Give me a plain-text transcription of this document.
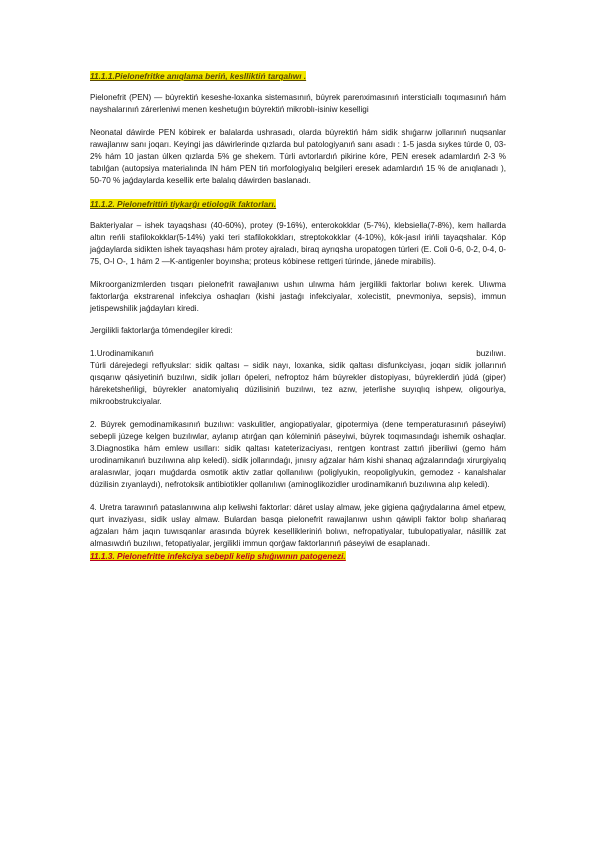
11.1.1.Pielonefritke anıqlama beriń, keslliktiń tarqalıwı .

Pielonefrit (PEN) — búyrektiń keseshe-loxanka sistemasınıń, búyrek parenximasınıń intersticiallı toqımasınıń hám nayshalarınıń zárerleniwi menen keshetuǵın búyrektiń mikroblı-isiniw keselligi

Neonatal dáwirde PEN kóbirek er balalarda ushrasadı, olarda búyrektiń hám sidik shıǵarıw jollarınıń nuqsanlar rawajlanıw sanı joqarı. Keyingi jas dáwirlerinde qızlarda bul patologiyanıń sanı asadı : 1-5 jasda sıykes túrde 0, 03-2% hám 10 jastan úlken qızlarda 5% ge shekem. Túrli avtorlardıń pikirine kóre, PEN eresek adamlardıń 2-3 % tabılǵan (autopsiya materialında IN hám PEN tiń morfologiyalıq belgileri eresek adamlardıń 15 % de anıqlanadı ), 50-70 % jaǵdaylarda kesellik erte balalıq dáwirden baslanadı.

11.1.2. Pielonefrittiń tiykarǵı etiologik faktorları.

Bakteriyalar – ishek tayaqshası (40-60%), protey (9-16%), enterokokklar (5-7%), klebsiella(7-8%), kem hallarda altın reńli stafilokokklar(5-14%) yaki teri stafilokokkları, streptokokklar (4-10%), kók-jasıl irińli tayaqshalar. Kóp jaǵdaylarda sidikten ishek tayaqshası hám protey ajraladı, biraq ayrıqsha uropatogen túrleri (E. Coli 0-6, 0-2, 0-4, 0-75, O-l O-, 1 hám 2 —K-antigenler boyınsha; proteus kóbinese rettgeri túrinde, jánede mirabilis).

Mikroorganizmlerden tısqarı pielonefrit rawajlanıwı ushın ulıwma hám jergilikli faktorlar bolıwı kerek. Ulıwma faktorlarǵa ekstrarenal infekciya oshaqları (kishi jastaǵı infekciyalar, xolecistit, pnevmoniya, sepsis), immun jetispewshilik jaǵdayları kiredi.

Jergilikli faktorlarǵa tómendegiler kiredi:

1.Urodinamikanıń	buzılıwı.
Túrli dárejedegi reflyukslar: sidik qaltası – sidik nayı, loxanka, sidik qaltası disfunkciyası, joqarı sidik jollarınıń qısqarıw qásiyetiniń buzılıwı, sidik jolları ópeleri, nefroptoz hám búyrekler distopiyası, búyreklerdiń júdá (giper) háreketsheńligi, búyrekler anatomiyalıq dúzilisiniń buzılıwı, tez azıw, jeterlishe suyıqlıq ishpew, oligouriya, mikroobstrukciyalar.

2. Búyrek gemodinamikasınıń buzılıwı: vaskulitler, angiopatiyalar, gipotermiya (dene temperaturasınıń páseyiwi) sebepli júzege kelgen buzılıwlar, aylanıp atırǵan qan kóleminiń páseyiwi, búyrek toqımasındaǵı ishemik oshaqlar. 3.Diagnostika hám emlew usılları: sidik qaltası kateterizaciyası, rentgen kontrast zattıń jiberiliwi (gemo hám urodinamikanıń buzılıwına alıp keledi). sidik jollarındaǵı, jınısıy aǵzalar hám kishi shanaq aǵzalarındaǵı xirurgiyalıq aralasıwlar, joqarı muǵdarda osmotik aktiv zatlar qollanılıwı (poliglyukin, reopoliglyukin, gemodez - kanalshalar dúzilisin zıyanlaydı), nefrotoksik antibiotikler qollanılıwı (aminoglikozidler urodinamikanıń buzılıwına alıp keledi).

4. Uretra tarawınıń pataslanıwına alıp keliwshi faktorlar: dáret uslay almaw, jeke gigiena qaǵıydalarına ámel etpew, qurt invaziyası, sidik uslay almaw. Bulardan basqa pielonefrit rawajlanıwı ushın qáwipli faktor bolıp shańaraq aǵzaları hám jaqın tuwısqanlar arasında búyrek kesellikleriniń bolıwı, nefropatiyalar, tubulopatiyalar, násillik zat almasıwdıń buzılıwı, fetopatiyalar, jergilikli immun qorǵaw faktorlarınıń páseyiwi de esaplanadı.

11.1.3. Pielonefritte infekciya sebepli kelip shıǵıwının patogenezi.
